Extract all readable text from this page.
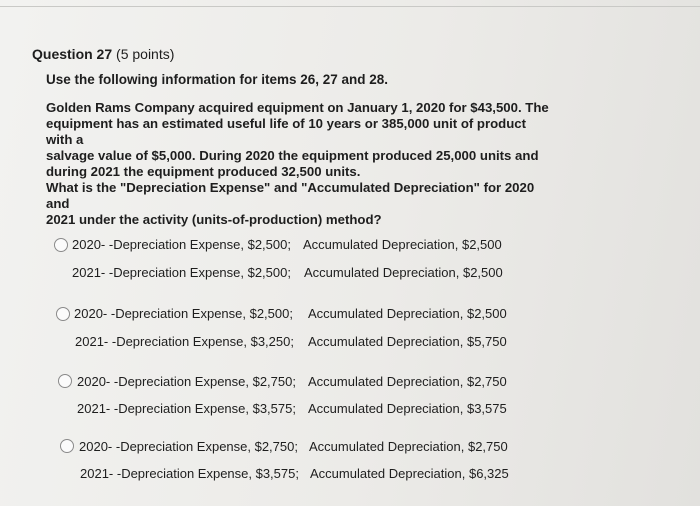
Question 27 (5 points)
Use the following information for items 26, 27 and 28.
Golden Rams Company acquired equipment on January 1, 2020 for $43,500. The
equipment has an estimated useful life of 10 years or 385,000 unit of product with a
salvage value of $5,000. During 2020 the equipment produced 25,000 units and
during 2021 the equipment produced 32,500 units.
What is the "Depreciation Expense" and "Accumulated Depreciation" for 2020 and
2021 under the activity (units-of-production) method?
2020- -Depreciation Expense, $2,500; Accumulated Depreciation, $2,500
2021- -Depreciation Expense, $2,500; Accumulated Depreciation, $2,500
2020- -Depreciation Expense, $2,500; Accumulated Depreciation, $2,500
2021- -Depreciation Expense, $3,250; Accumulated Depreciation, $5,750
2020- -Depreciation Expense, $2,750; Accumulated Depreciation, $2,750
2021- -Depreciation Expense, $3,575; Accumulated Depreciation, $3,575
2020- -Depreciation Expense, $2,750; Accumulated Depreciation, $2,750
2021- -Depreciation Expense, $3,575; Accumulated Depreciation, $6,325
